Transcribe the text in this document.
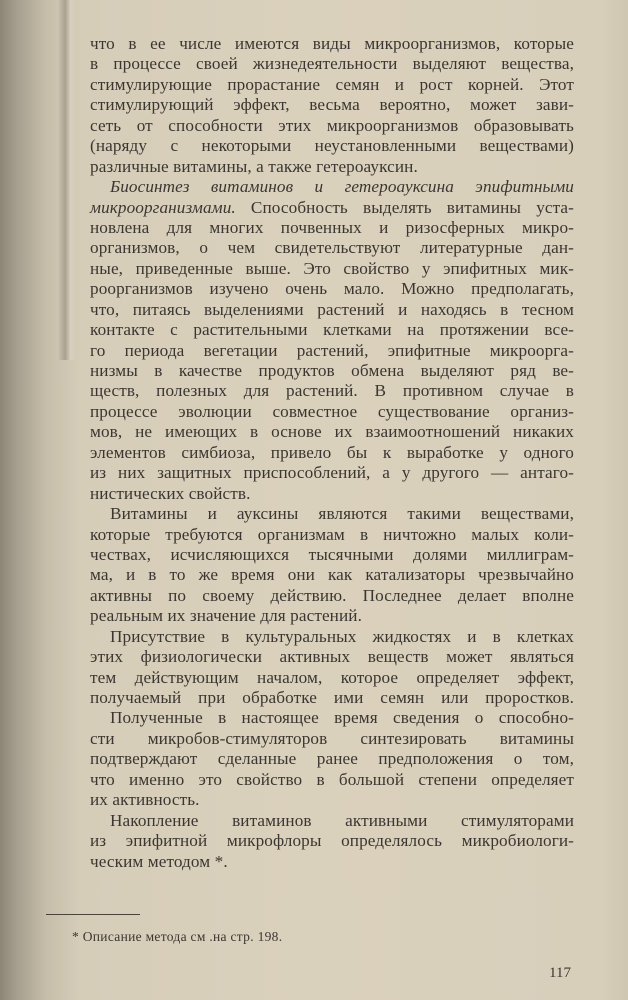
что в ее числе имеются виды микроорганизмов, которые
в процессе своей жизнедеятельности выделяют вещества,
стимулирующие прорастание семян и рост корней. Этот
стимулирующий эффект, весьма вероятно, может зави-
сеть от способности этих микроорганизмов образовывать
(наряду с некоторыми неустановленными веществами)
различные витамины, а также гетероауксин.
Биосинтез витаминов и гетероауксина эпифитными
микроорганизмами. Способность выделять витамины уста-
новлена для многих почвенных и ризосферных микро-
организмов, о чем свидетельствуют литературные дан-
ные, приведенные выше. Это свойство у эпифитных мик-
роорганизмов изучено очень мало. Можно предполагать,
что, питаясь выделениями растений и находясь в тесном
контакте с растительными клетками на протяжении все-
го периода вегетации растений, эпифитные микроорга-
низмы в качестве продуктов обмена выделяют ряд ве-
ществ, полезных для растений. В противном случае в
процессе эволюции совместное существование организ-
мов, не имеющих в основе их взаимоотношений никаких
элементов симбиоза, привело бы к выработке у одного
из них защитных приспособлений, а у другого — антаго-
нистических свойств.
Витамины и ауксины являются такими веществами,
которые требуются организмам в ничтожно малых коли-
чествах, исчисляющихся тысячными долями миллиграм-
ма, и в то же время они как катализаторы чрезвычайно
активны по своему действию. Последнее делает вполне
реальным их значение для растений.
Присутствие в культуральных жидкостях и в клетках
этих физиологически активных веществ может являться
тем действующим началом, которое определяет эффект,
получаемый при обработке ими семян или проростков.
Полученные в настоящее время сведения о способно-
сти микробов-стимуляторов синтезировать витамины
подтверждают сделанные ранее предположения о том,
что именно это свойство в большой степени определяет
их активность.
Накопление витаминов активными стимуляторами
из эпифитной микрофлоры определялось микробиологи-
ческим методом *.
* Описание метода см .на стр. 198.
117
